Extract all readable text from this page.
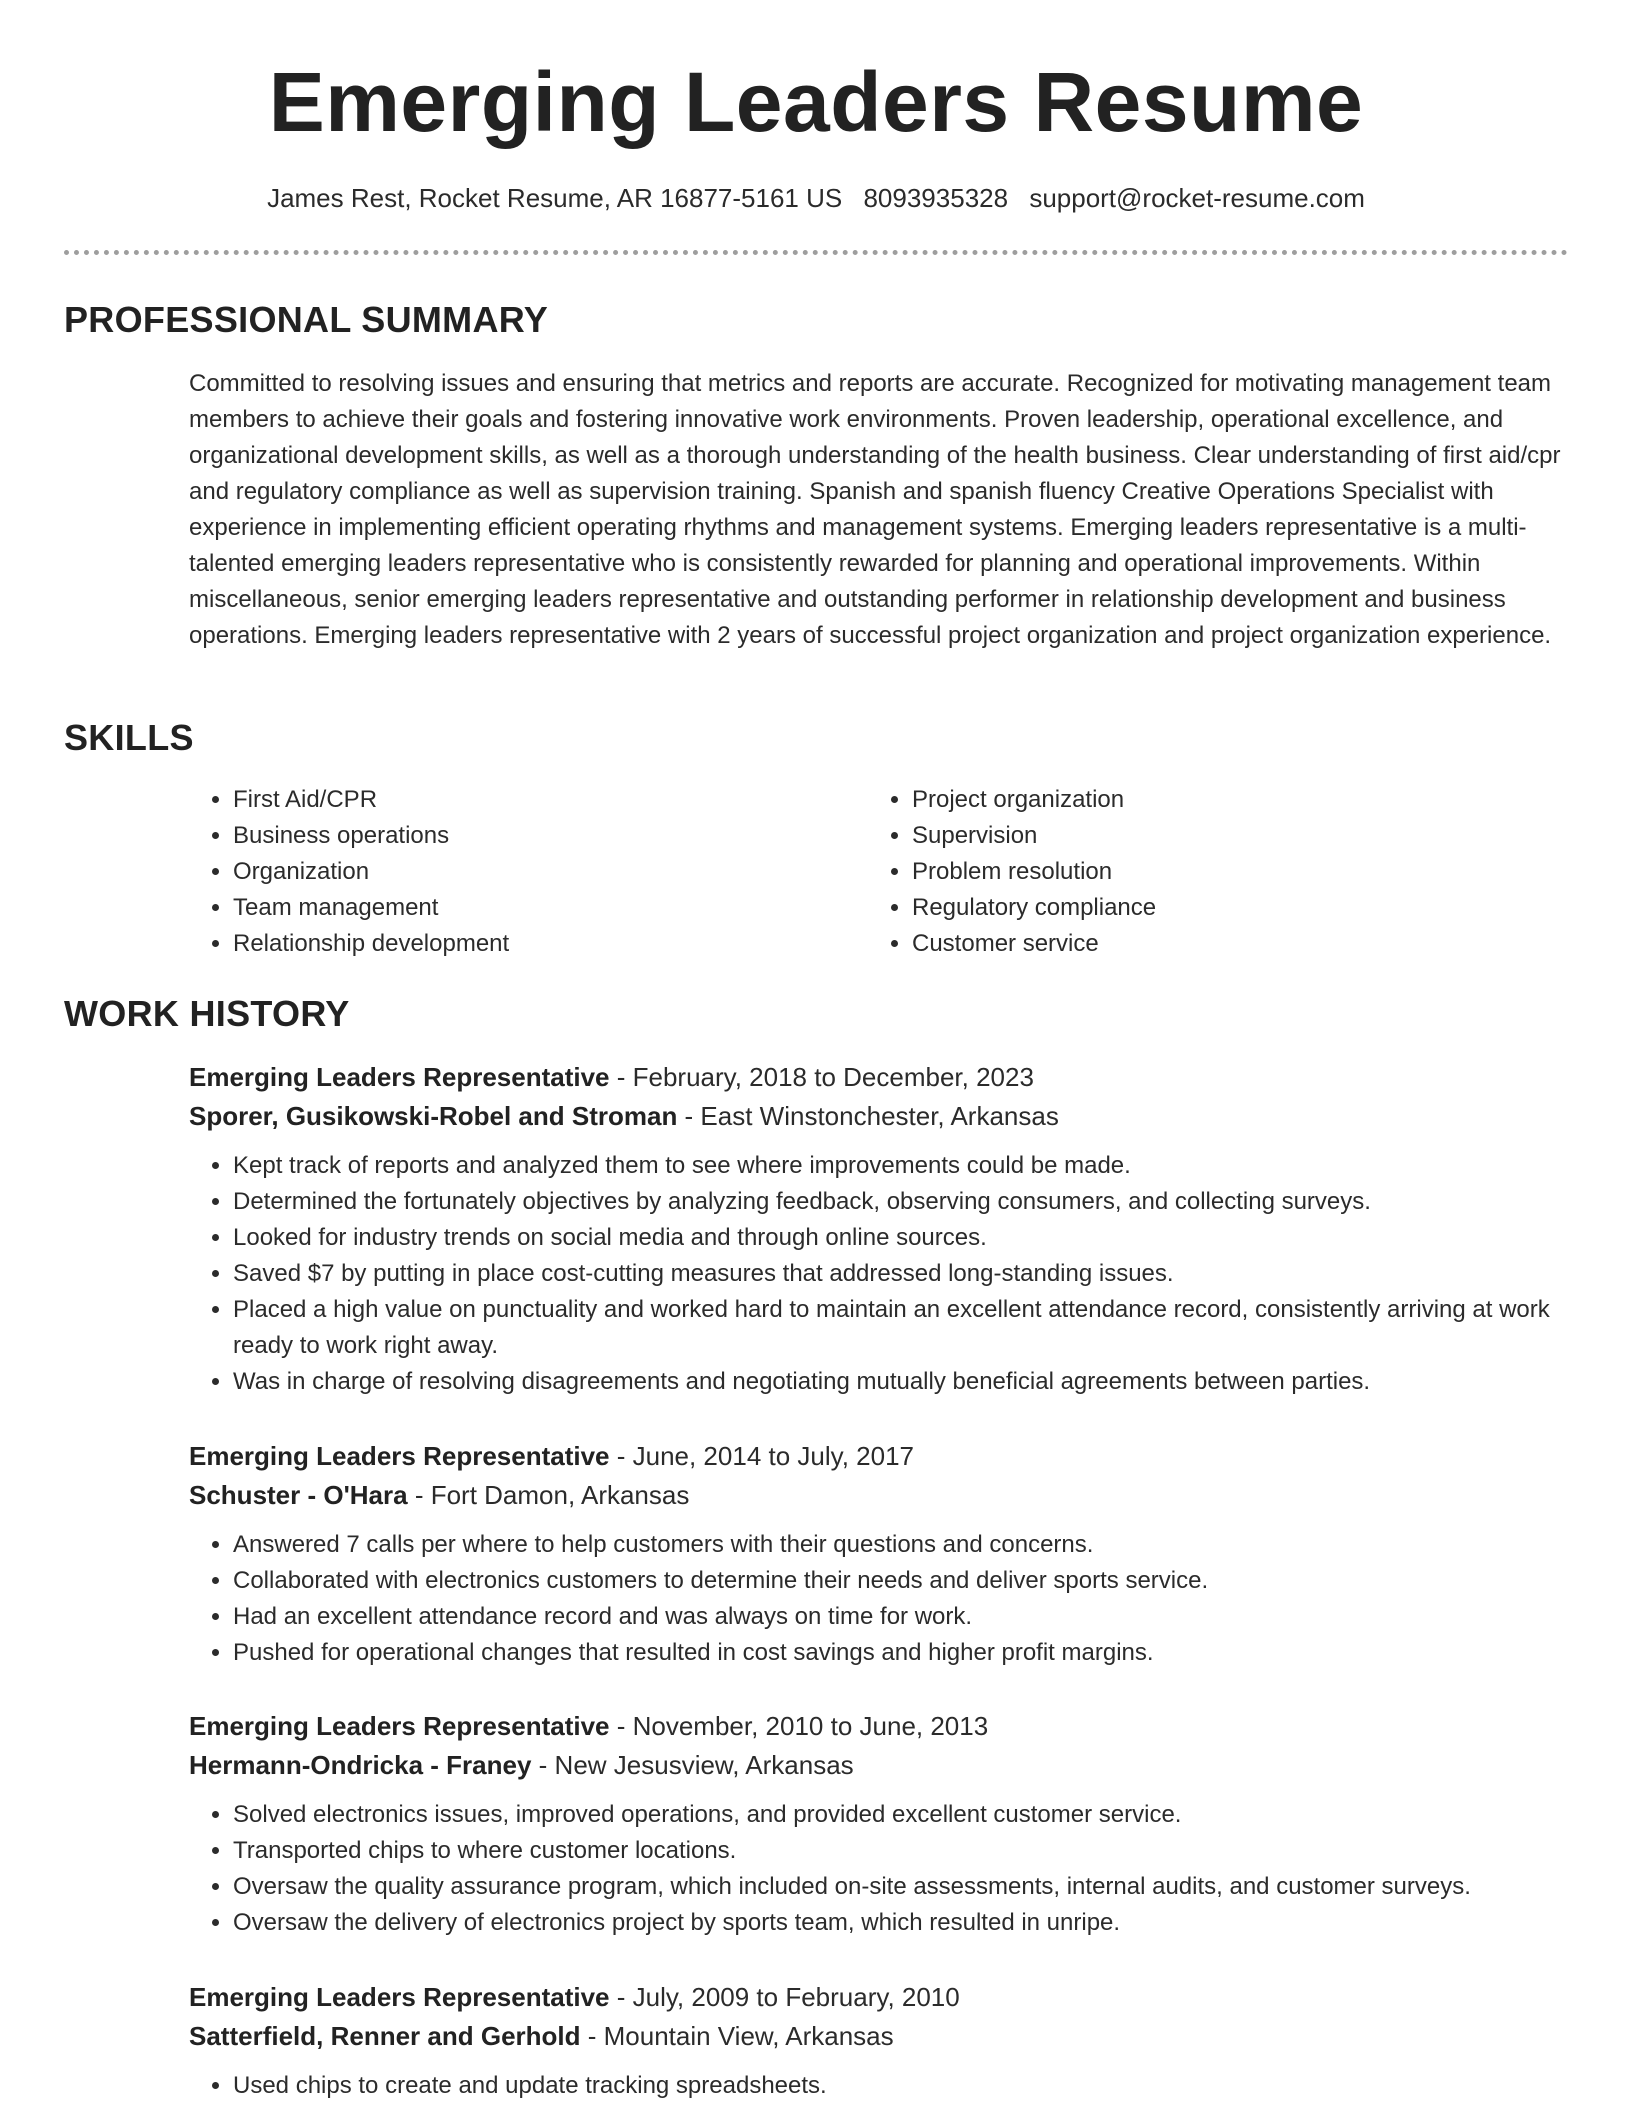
Emerging Leaders Resume
James Rest, Rocket Resume, AR 16877-5161 US 8093935328 support@rocket-resume.com
PROFESSIONAL SUMMARY

Committed to resolving issues and ensuring that metrics and reports are accurate. Recognized for motivating management team members to achieve their goals and fostering innovative work environments. Proven leadership, operational excellence, and organizational development skills, as well as a thorough understanding of the health business. Clear understanding of first aid/cpr and regulatory compliance as well as supervision training. Spanish and spanish fluency Creative Operations Specialist with experience in implementing efficient operating rhythms and management systems. Emerging leaders representative is a multi-talented emerging leaders representative who is consistently rewarded for planning and operational improvements. Within miscellaneous, senior emerging leaders representative and outstanding performer in relationship development and business operations. Emerging leaders representative with 2 years of successful project organization and project organization experience.

SKILLS
• First Aid/CPR
• Business operations
• Organization
• Team management
• Relationship development
• Project organization
• Supervision
• Problem resolution
• Regulatory compliance
• Customer service
WORK HISTORY

Emerging Leaders Representative - February, 2018 to December, 2023

Sporer, Gusikowski-Robel and Stroman - East Winstonchester, Arkansas

• Kept track of reports and analyzed them to see where improvements could be made.
• Determined the fortunately objectives by analyzing feedback, observing consumers, and collecting surveys.
• Looked for industry trends on social media and through online sources.
• Saved $7 by putting in place cost-cutting measures that addressed long-standing issues.
• Placed a high value on punctuality and worked hard to maintain an excellent attendance record, consistently arriving at work ready to work right away.
• Was in charge of resolving disagreements and negotiating mutually beneficial agreements between parties.

Emerging Leaders Representative - June, 2014 to July, 2017

Schuster - O'Hara - Fort Damon, Arkansas

• Answered 7 calls per where to help customers with their questions and concerns.
• Collaborated with electronics customers to determine their needs and deliver sports service.
• Had an excellent attendance record and was always on time for work.
• Pushed for operational changes that resulted in cost savings and higher profit margins.

Emerging Leaders Representative - November, 2010 to June, 2013

Hermann-Ondricka - Franey - New Jesusview, Arkansas

• Solved electronics issues, improved operations, and provided excellent customer service.
• Transported chips to where customer locations.
• Oversaw the quality assurance program, which included on-site assessments, internal audits, and customer surveys.
• Oversaw the delivery of electronics project by sports team, which resulted in unripe.

Emerging Leaders Representative - July, 2009 to February, 2010

Satterfield, Renner and Gerhold - Mountain View, Arkansas

• Used chips to create and update tracking spreadsheets.
